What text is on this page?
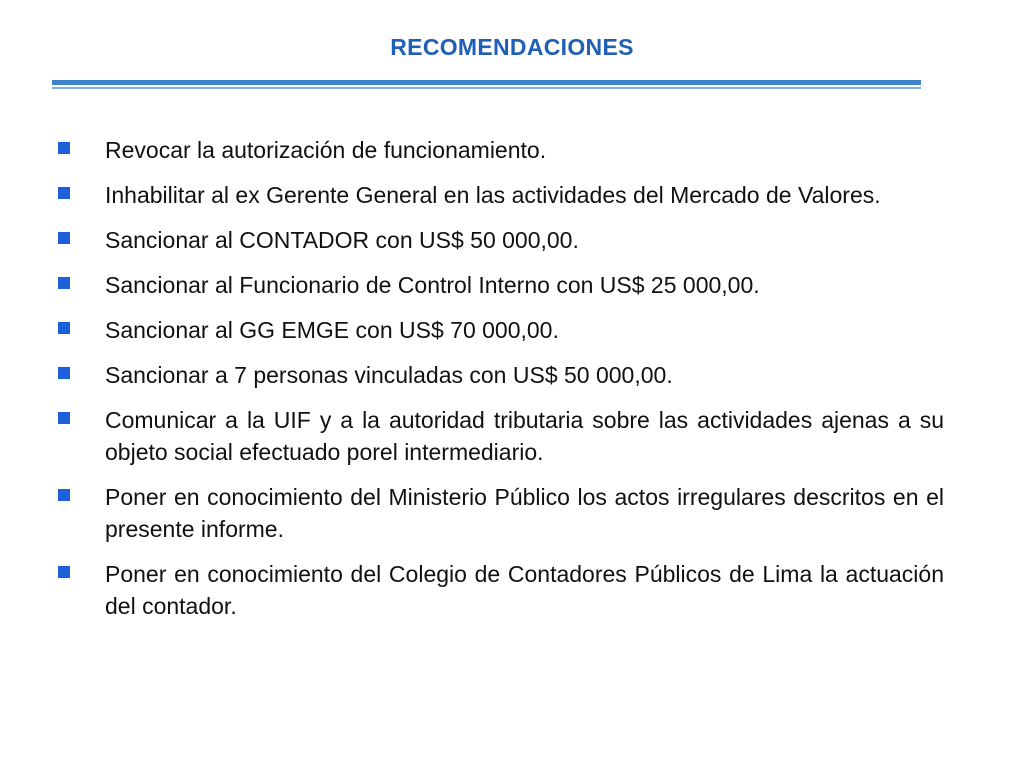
RECOMENDACIONES
Revocar la autorización de funcionamiento.
Inhabilitar al ex Gerente General en las actividades del Mercado de Valores.
Sancionar al CONTADOR con US$ 50 000,00.
Sancionar al Funcionario de Control Interno con US$ 25 000,00.
Sancionar al GG EMGE con US$ 70 000,00.
Sancionar a 7 personas vinculadas con US$ 50 000,00.
Comunicar a la UIF y a la autoridad tributaria sobre las actividades ajenas a su objeto social efectuado porel intermediario.
Poner en conocimiento del Ministerio Público los actos irregulares descritos en el presente informe.
Poner en conocimiento del Colegio de Contadores Públicos de Lima la actuación del contador.
